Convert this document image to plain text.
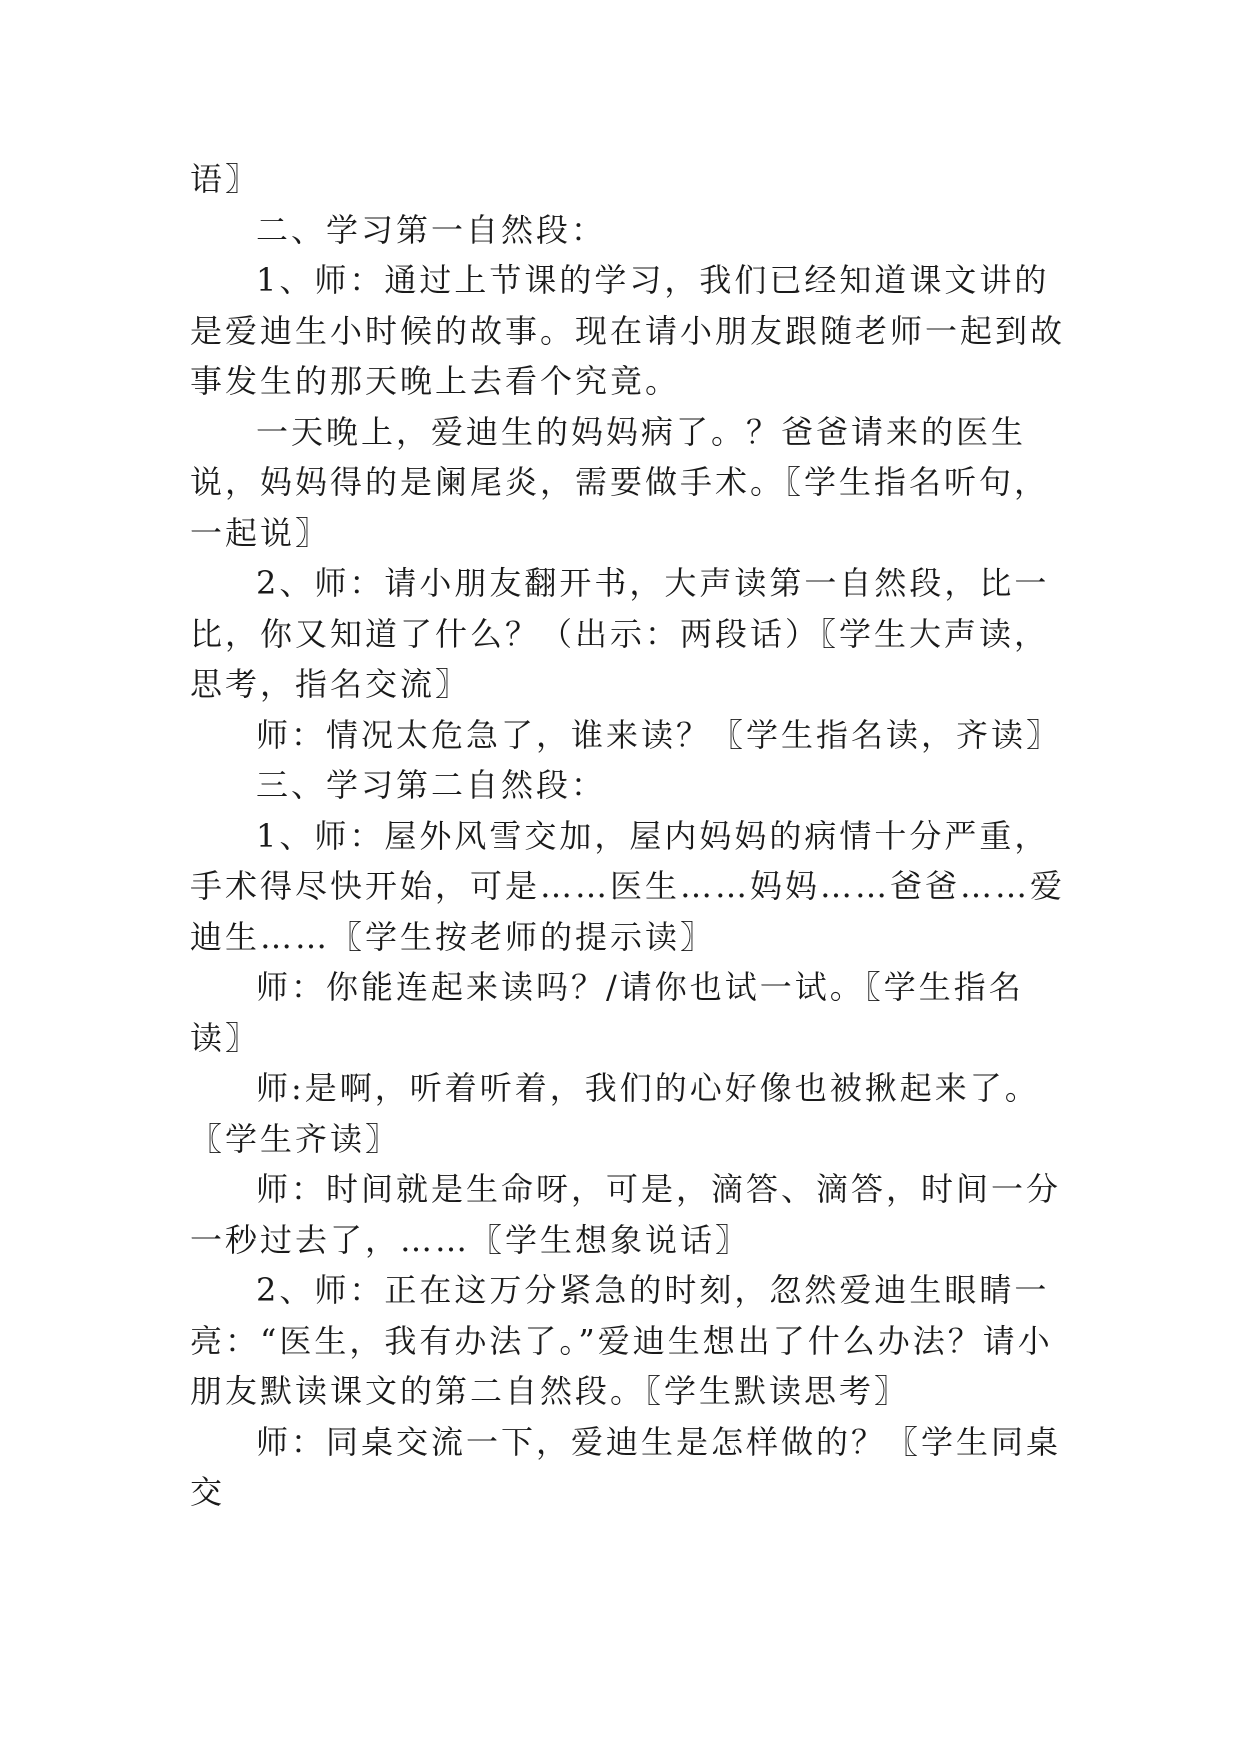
语〗

二、学习第一自然段：

1、师：通过上节课的学习，我们已经知道课文讲的是爱迪生小时候的故事。现在请小朋友跟随老师一起到故事发生的那天晚上去看个究竟。

一天晚上，爱迪生的妈妈病了。？爸爸请来的医生说，妈妈得的是阑尾炎，需要做手术。〖学生指名听句，一起说〗

2、师：请小朋友翻开书，大声读第一自然段，比一比，你又知道了什么？（出示：两段话）〖学生大声读，思考，指名交流〗

师：情况太危急了，谁来读？〖学生指名读，齐读〗

三、学习第二自然段：

1、师：屋外风雪交加，屋内妈妈的病情十分严重，手术得尽快开始，可是……医生……妈妈……爸爸……爱迪生……〖学生按老师的提示读〗

师：你能连起来读吗？/请你也试一试。〖学生指名读〗

师:是啊，听着听着，我们的心好像也被揪起来了。〖学生齐读〗

师：时间就是生命呀，可是，滴答、滴答，时间一分一秒过去了，……〖学生想象说话〗

2、师：正在这万分紧急的时刻，忽然爱迪生眼睛一亮：“医生，我有办法了。”爱迪生想出了什么办法？请小朋友默读课文的第二自然段。〖学生默读思考〗

师：同桌交流一下，爱迪生是怎样做的？〖学生同桌交
